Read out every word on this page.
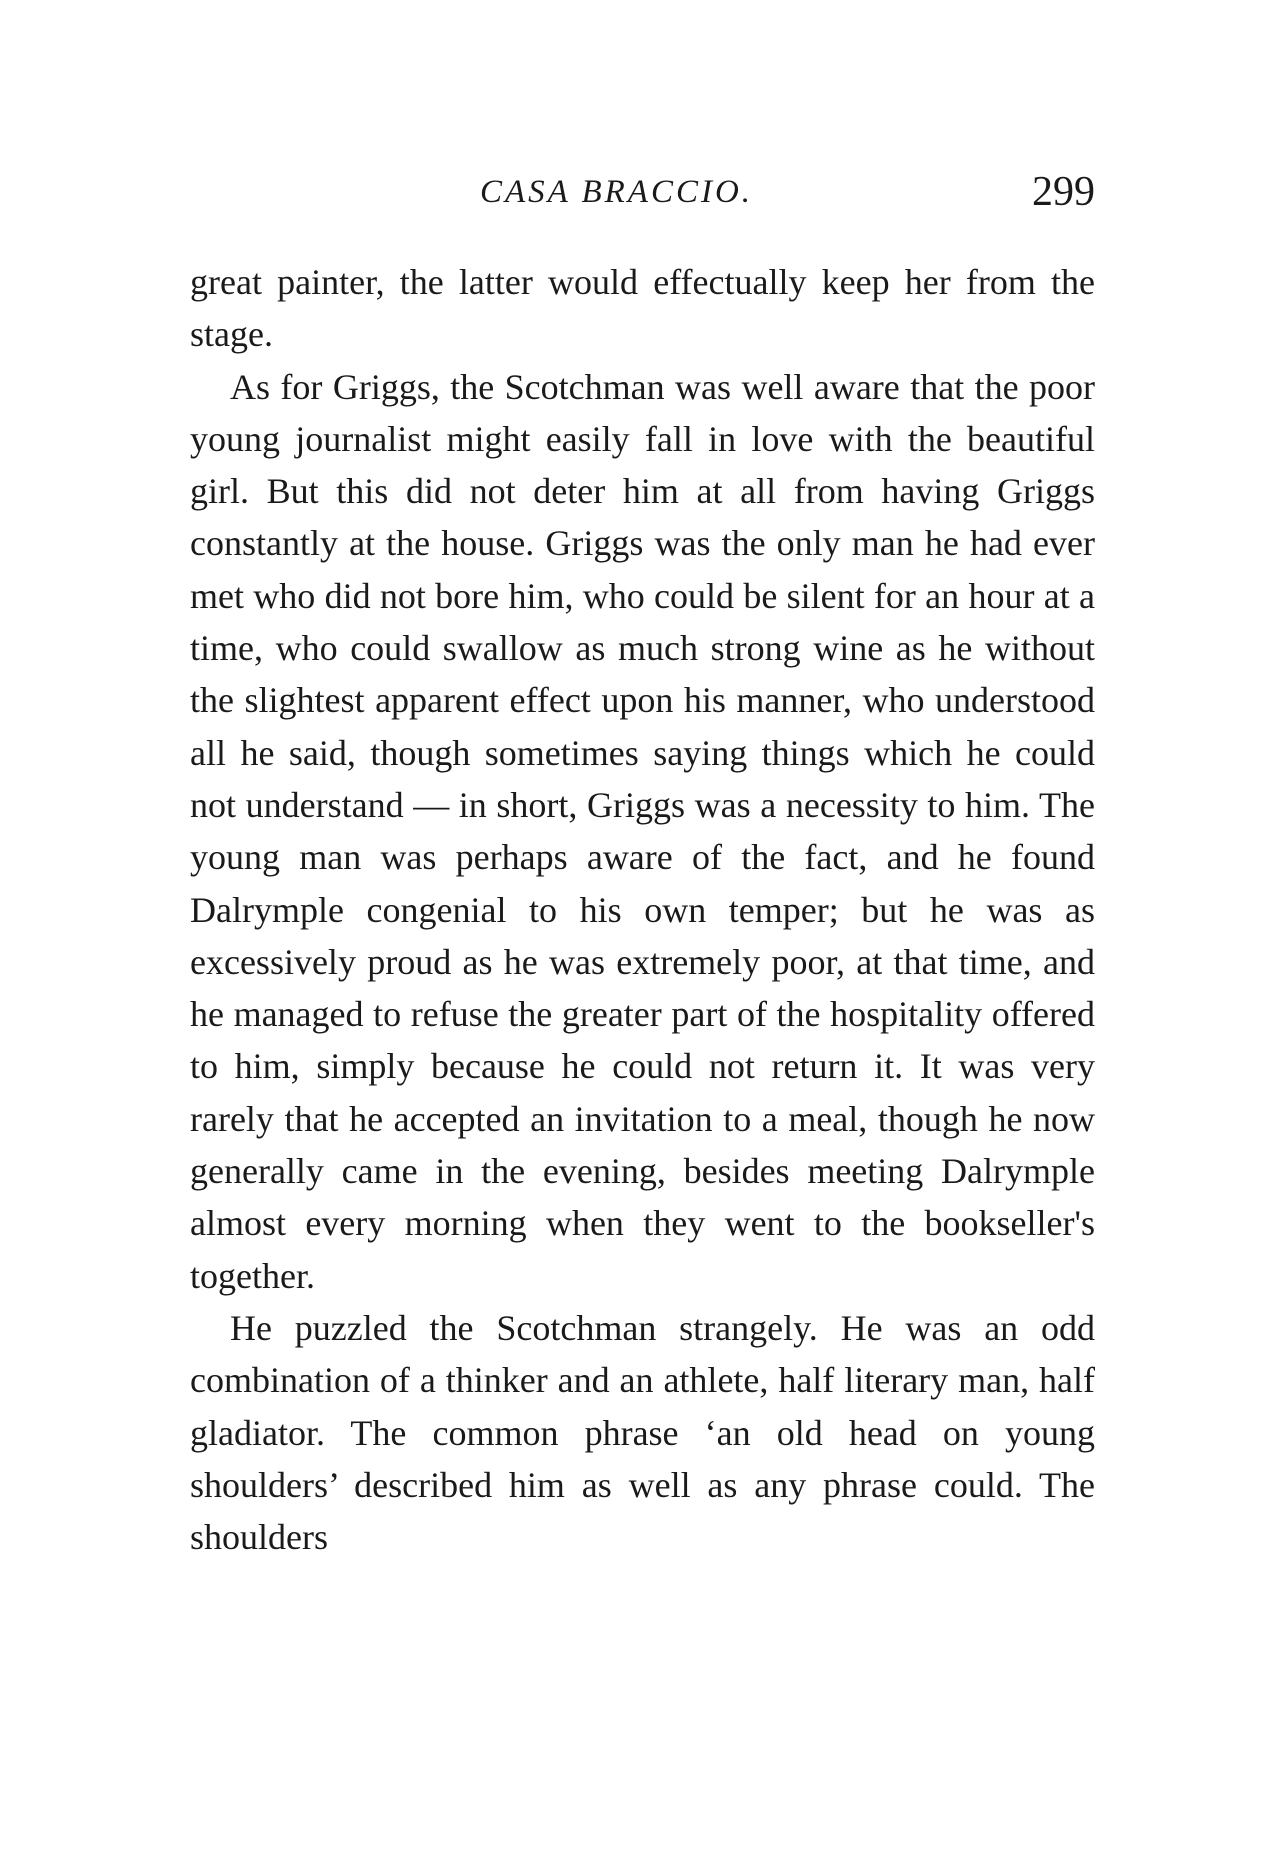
CASA BRACCIO.	299

great painter, the latter would effectually keep her from the stage.

As for Griggs, the Scotchman was well aware that the poor young journalist might easily fall in love with the beautiful girl. But this did not deter him at all from having Griggs constantly at the house. Griggs was the only man he had ever met who did not bore him, who could be silent for an hour at a time, who could swallow as much strong wine as he without the slightest apparent effect upon his manner, who understood all he said, though sometimes saying things which he could not understand — in short, Griggs was a necessity to him. The young man was perhaps aware of the fact, and he found Dalrymple congenial to his own temper; but he was as excessively proud as he was extremely poor, at that time, and he managed to refuse the greater part of the hospitality offered to him, simply because he could not return it. It was very rarely that he accepted an invitation to a meal, though he now generally came in the evening, besides meeting Dalrymple almost every morning when they went to the bookseller's together.

He puzzled the Scotchman strangely. He was an odd combination of a thinker and an athlete, half literary man, half gladiator. The common phrase ‘an old head on young shoulders’ described him as well as any phrase could. The shoulders
